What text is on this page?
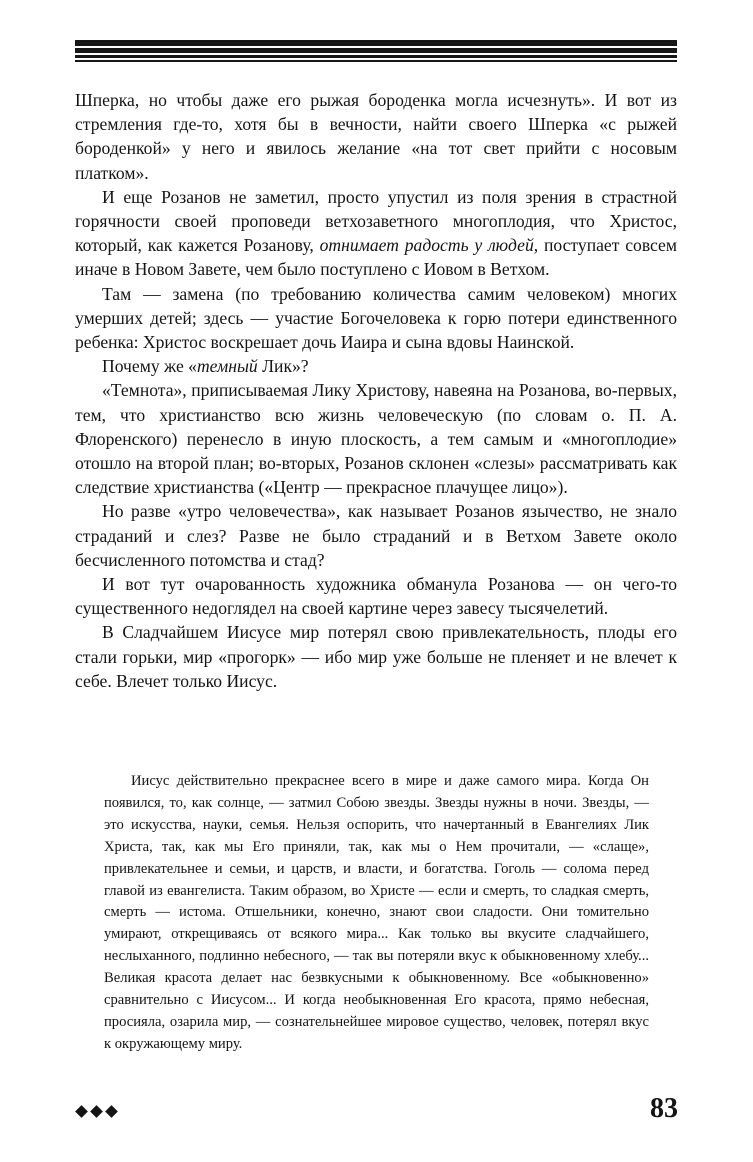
Шперка, но чтобы даже его рыжая бороденка могла исчезнуть». И вот из стремления где-то, хотя бы в вечности, найти своего Шперка «с рыжей бороденкой» у него и явилось желание «на тот свет прийти с носовым платком».

И еще Розанов не заметил, просто упустил из поля зрения в страстной горячности своей проповеди ветхозаветного многоплодия, что Христос, который, как кажется Розанову, отнимает радость у людей, поступает совсем иначе в Новом Завете, чем было поступлено с Иовом в Ветхом.

Там — замена (по требованию количества самим человеком) многих умерших детей; здесь — участие Богочеловека к горю потери единственного ребенка: Христос воскрешает дочь Иаира и сына вдовы Наинской.

Почему же «темный Лик»?

«Темнота», приписываемая Лику Христову, навеяна на Розанова, во-первых, тем, что христианство всю жизнь человеческую (по словам о. П. А. Флоренского) перенесло в иную плоскость, а тем самым и «многоплодие» отошло на второй план; во-вторых, Розанов склонен «слезы» рассматривать как следствие христианства («Центр — прекрасное плачущее лицо»).

Но разве «утро человечества», как называет Розанов язычество, не знало страданий и слез? Разве не было страданий и в Ветхом Завете около бесчисленного потомства и стад?

И вот тут очарованность художника обманула Розанова — он чего-то существенного недоглядел на своей картине через завесу тысячелетий.

В Сладчайшем Иисусе мир потерял свою привлекательность, плоды его стали горьки, мир «прогорк» — ибо мир уже больше не пленяет и не влечет к себе. Влечет только Иисус.

Иисус действительно прекраснее всего в мире и даже самого мира. Когда Он появился, то, как солнце, — затмил Собою звезды. Звезды нужны в ночи. Звезды, — это искусства, науки, семья. Нельзя оспорить, что начертанный в Евангелиях Лик Христа, так, как мы Его приняли, так, как мы о Нем прочитали, — «слаще», привлекательнее и семьи, и царств, и власти, и богатства. Гоголь — солома перед главой из евангелиста. Таким образом, во Христе — если и смерть, то сладкая смерть, смерть — истома. Отшельники, конечно, знают свои сладости. Они томительно умирают, открещиваясь от всякого мира... Как только вы вкусите сладчайшего, неслыханного, подлинно небесного, — так вы потеряли вкус к обыкновенному хлебу... Великая красота делает нас безвкусными к обыкновенному. Все «обыкновенно» сравнительно с Иисусом... И когда необыкновенная Его красота, прямо небесная, просияла, озарила мир, — сознательнейшее мировое существо, человек, потерял вкус к окружающему миру.

83
